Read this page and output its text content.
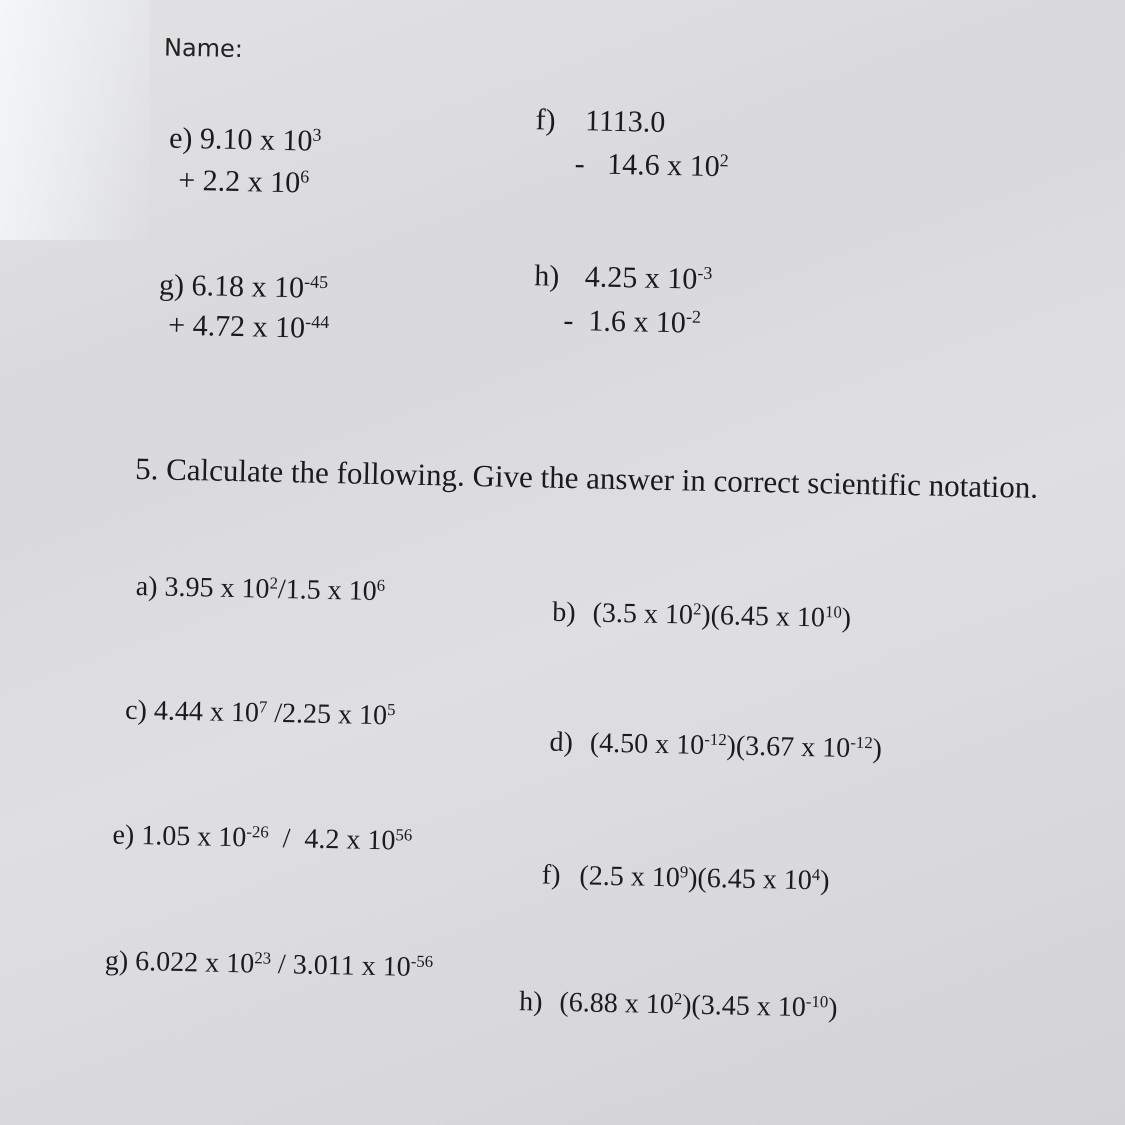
Name:
e) 9.10 x $10^3$
+ 2.2 x $10^6$
f) 1113.0
-   14.6 x $10^2$
g) 6.18 x $10^{-45}$
+ 4.72 x $10^{-44}$
h) 4.25 x $10^{-3}$
-  1.6 x $10^{-2}$
5. Calculate the following. Give the answer in correct scientific notation.
a) 3.95 x $10^2/1.5$ x $10^6$
b) (3.5 x $10^2)(6.45$ x $10^{10}$)
c) 4.44 x $10^7$ /2.25 x $10^5$
d) (4.50 x $10^{-12})(3.67$ x $10^{-12}$)
e) 1.05 x $10^{-26} / 4.2$ x $10^{56}$
f) (2.5 x $10^9)(6.45$ x $10^4$)
g) 6.022 x $10^{23} / 3.011$ x $10^{-56}$
h) (6.88 x $10^2)(3.45$ x $10^{-10}$)
